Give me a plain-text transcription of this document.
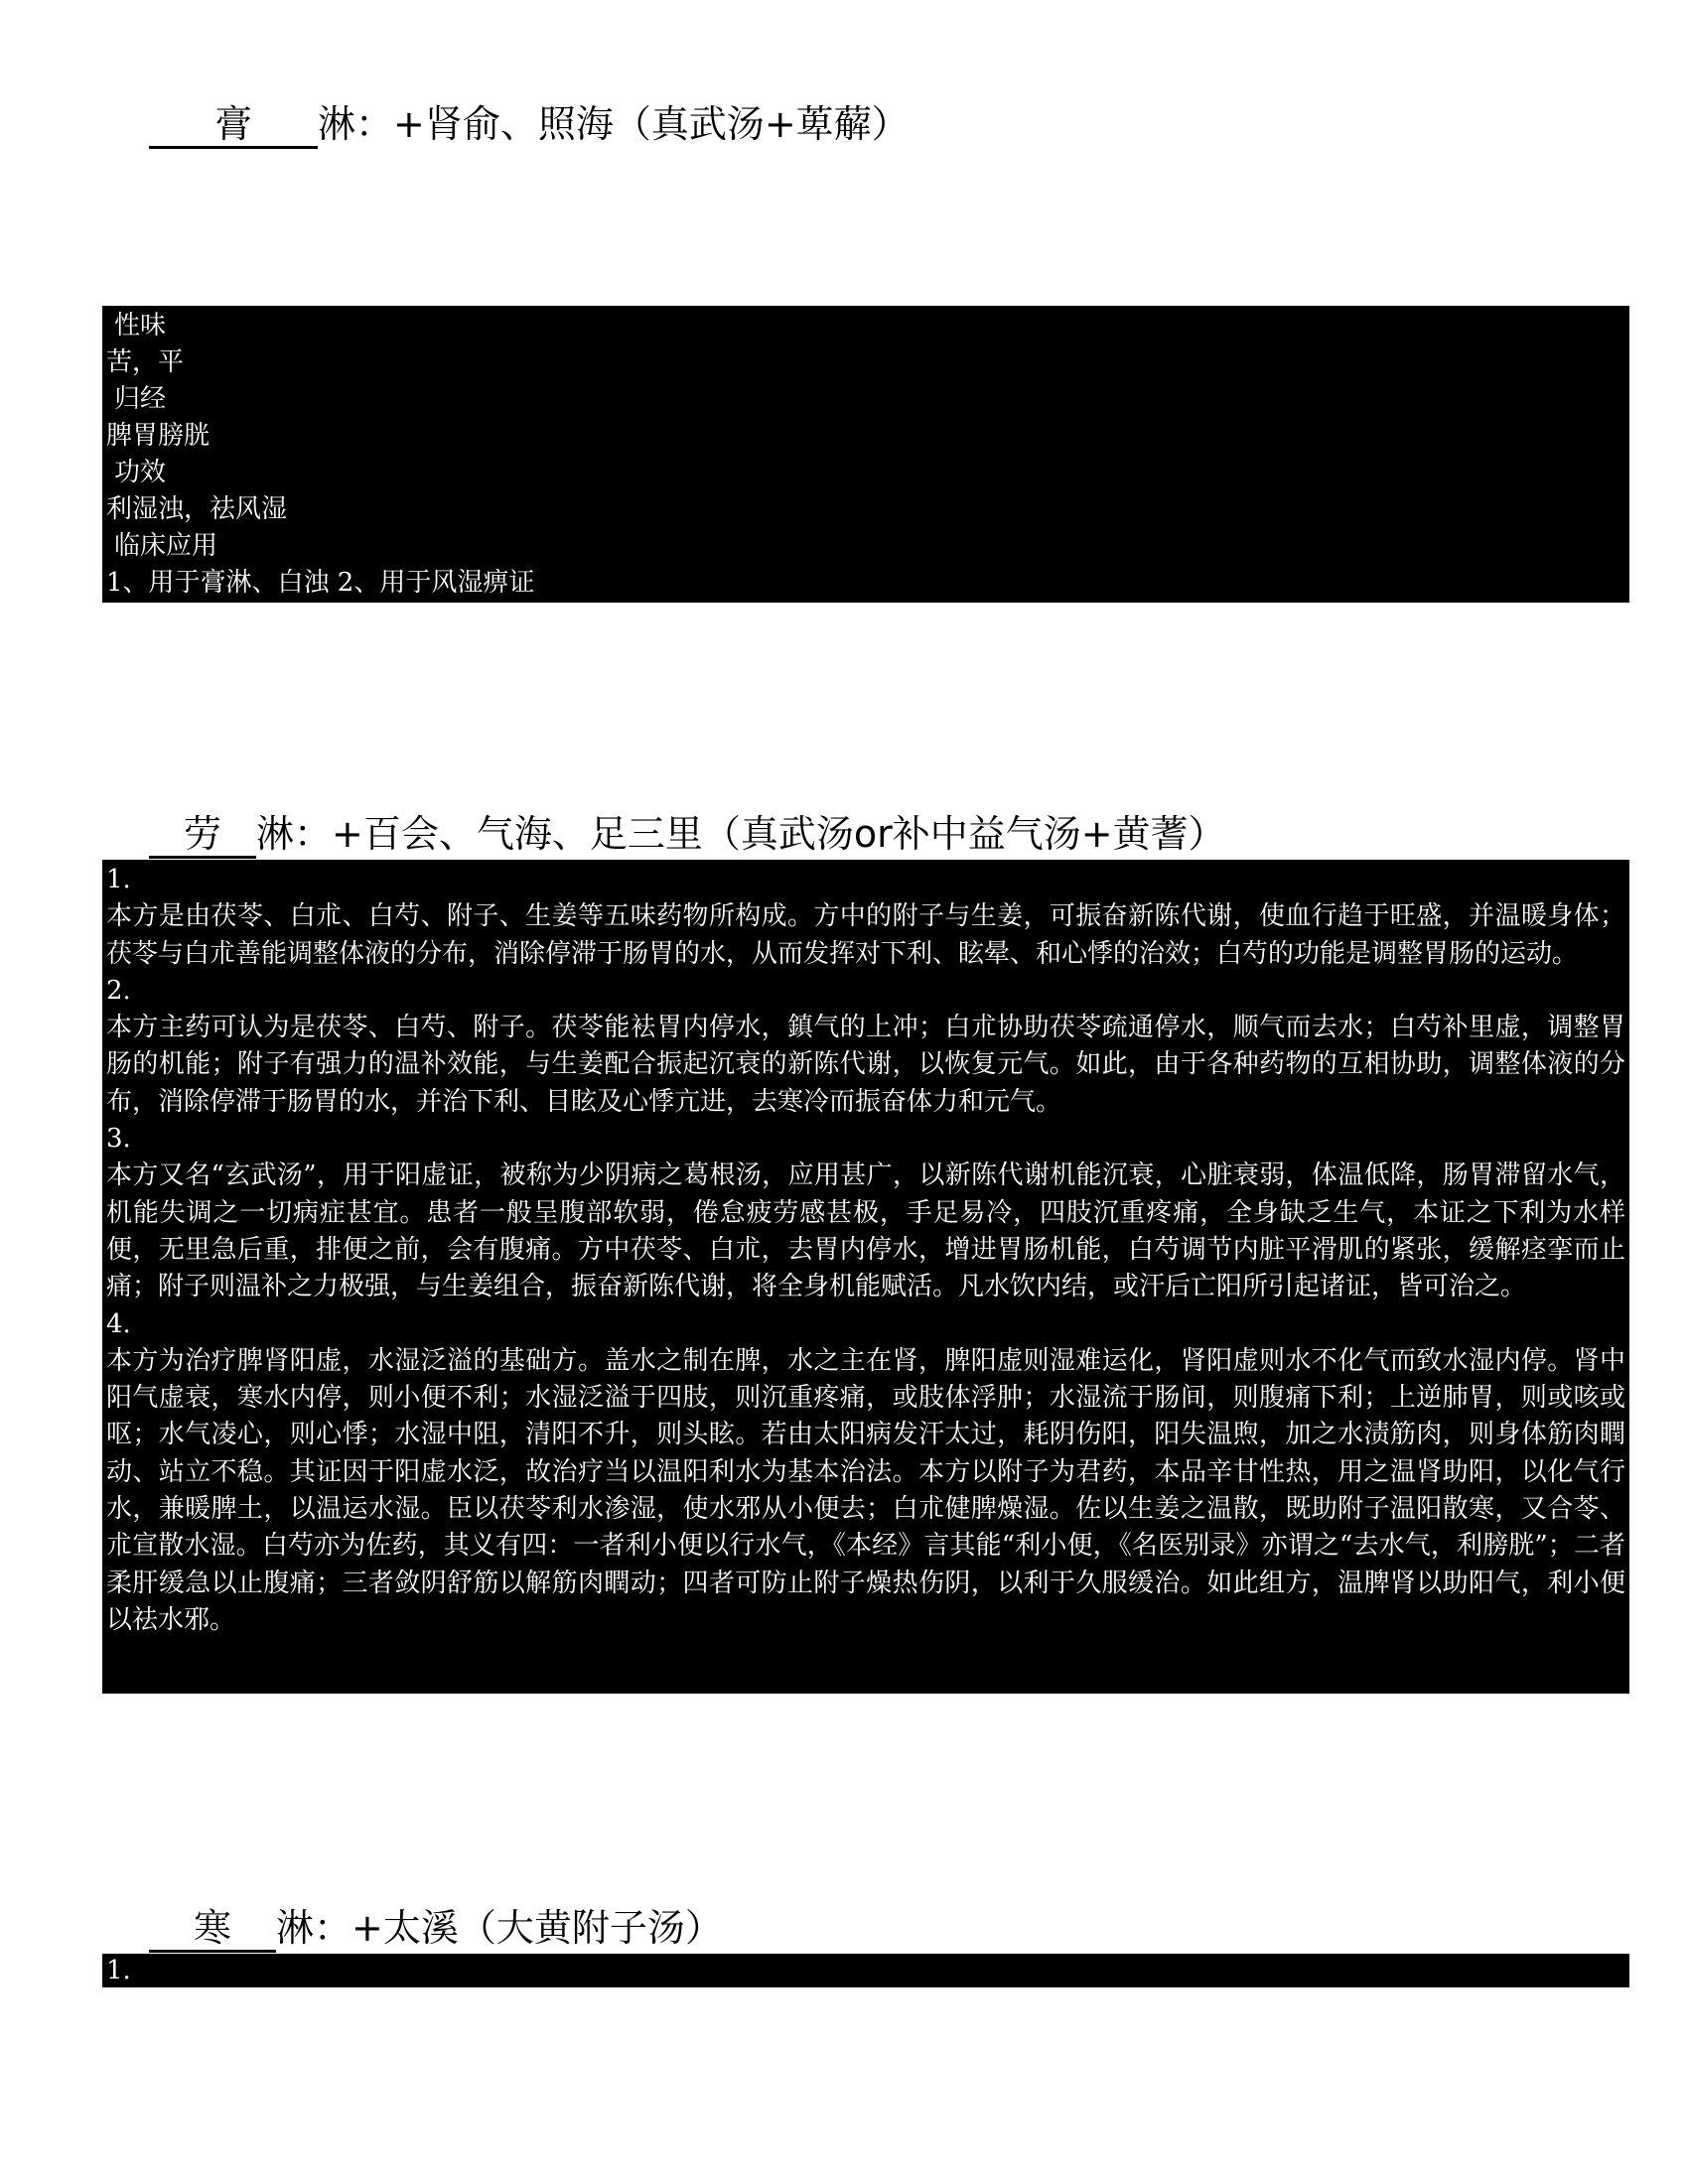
膏 淋：+肾俞、照海（真武汤+萆薢）
性味
苦，平
归经
脾胃膀胱
功效
利湿浊，祛风湿
临床应用
1、用于膏淋、白浊 2、用于风湿痹证
劳 淋：+百会、气海、足三里（真武汤or补中益气汤+黄蓍）
1.
本方是由茯苓、白朮、白芍、附子、生姜等五味药物所构成。方中的附子与生姜，可振奋新陈代谢，使血行趋于旺盛，并温暖身体；茯苓与白朮善能调整体液的分布，消除停滞于肠胃的水，从而发挥对下利、眩晕、和心悸的治效；白芍的功能是调整胃肠的运动。
2.
本方主药可认为是茯苓、白芍、附子。茯苓能袪胃内停水，鎮气的上冲；白朮协助茯苓疏通停水，顺气而去水；白芍补里虚，调整胃肠的机能；附子有强力的温补效能，与生姜配合振起沉衰的新陈代谢，以恢复元气。如此，由于各种药物的互相协助，调整体液的分布，消除停滞于肠胃的水，并治下利、目眩及心悸亢进，去寒冷而振奋体力和元气。
3.
本方又名“玄武汤”，用于阳虚证，被称为少阴病之葛根汤，应用甚广，以新陈代谢机能沉衰，心脏衰弱，体温低降，肠胃滞留水气，机能失调之一切病症甚宜。患者一般呈腹部软弱，倦怠疲劳感甚极，手足易冷，四肢沉重疼痛，全身缺乏生气，本证之下利为水样便，无里急后重，排便之前，会有腹痛。方中茯苓、白朮，去胃内停水，增进胃肠机能，白芍调节内脏平滑肌的紧张，缓解痉挛而止痛；附子则温补之力极强，与生姜组合，振奋新陈代谢，将全身机能赋活。凡水饮内结，或汗后亡阳所引起诸证，皆可治之。
4.
本方为治疗脾肾阳虚，水湿泛溢的基础方。盖水之制在脾，水之主在肾，脾阳虚则湿难运化，肾阳虚则水不化气而致水湿内停。肾中阳气虚衰，寒水内停，则小便不利；水湿泛溢于四肢，则沉重疼痛，或肢体浮肿；水湿流于肠间，则腹痛下利；上逆肺胃，则或咳或呕；水气凌心，则心悸；水湿中阻，清阳不升，则头眩。若由太阳病发汗太过，耗阴伤阳，阳失温煦，加之水渍筋肉，则身体筋肉瞤动、站立不稳。其证因于阳虚水泛，故治疗当以温阳利水为基本治法。本方以附子为君药，本品辛甘性热，用之温肾助阳，以化气行水，兼暖脾土，以温运水湿。臣以茯苓利水渗湿，使水邪从小便去；白朮健脾燥湿。佐以生姜之温散，既助附子温阳散寒，又合苓、朮宣散水湿。白芍亦为佐药，其义有四：一者利小便以行水气，《本经》言其能“利小便，《名医别录》亦谓之“去水气，利膀胱”；二者柔肝缓急以止腹痛；三者敛阴舒筋以解筋肉瞤动；四者可防止附子燥热伤阴，以利于久服缓治。如此组方，温脾肾以助阳气，利小便以祛水邪。
寒 淋：+太溪（大黄附子汤）
1.
